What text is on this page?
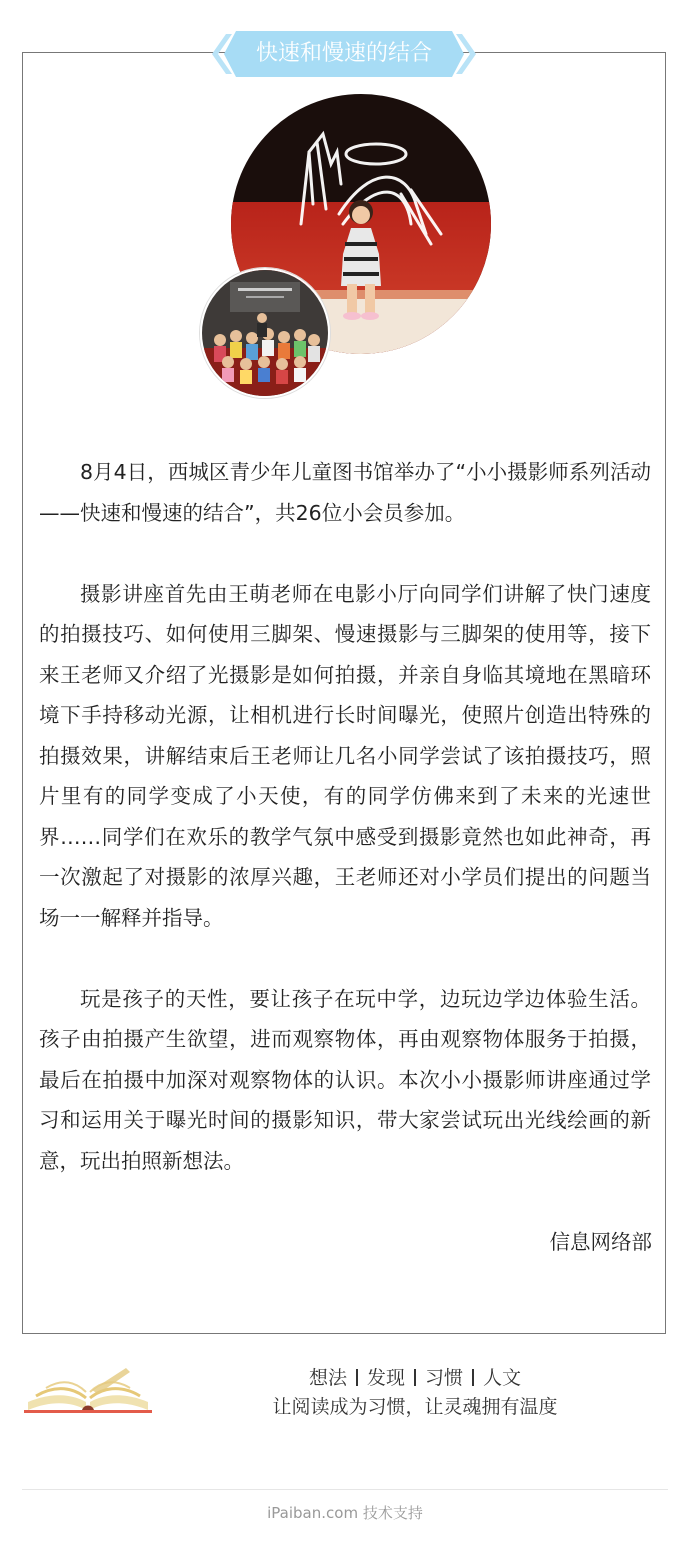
快速和慢速的结合

8月4日，西城区青少年儿童图书馆举办了“小小摄影师系列活动——快速和慢速的结合”，共26位小会员参加。

摄影讲座首先由王萌老师在电影小厅向同学们讲解了快门速度的拍摄技巧、如何使用三脚架、慢速摄影与三脚架的使用等，接下来王老师又介绍了光摄影是如何拍摄，并亲自身临其境地在黑暗环境下手持移动光源，让相机进行长时间曝光，使照片创造出特殊的拍摄效果，讲解结束后王老师让几名小同学尝试了该拍摄技巧，照片里有的同学变成了小天使，有的同学仿佛来到了未来的光速世界……同学们在欢乐的教学气氛中感受到摄影竟然也如此神奇，再一次激起了对摄影的浓厚兴趣，王老师还对小学员们提出的问题当场一一解释并指导。

玩是孩子的天性，要让孩子在玩中学，边玩边学边体验生活。孩子由拍摄产生欲望，进而观察物体，再由观察物体服务于拍摄，最后在拍摄中加深对观察物体的认识。本次小小摄影师讲座通过学习和运用关于曝光时间的摄影知识，带大家尝试玩出光线绘画的新意，玩出拍照新想法。

信息网络部
想法 发现 习惯 人文
让阅读成为习惯，让灵魂拥有温度
iPaiban.com 技术支持
